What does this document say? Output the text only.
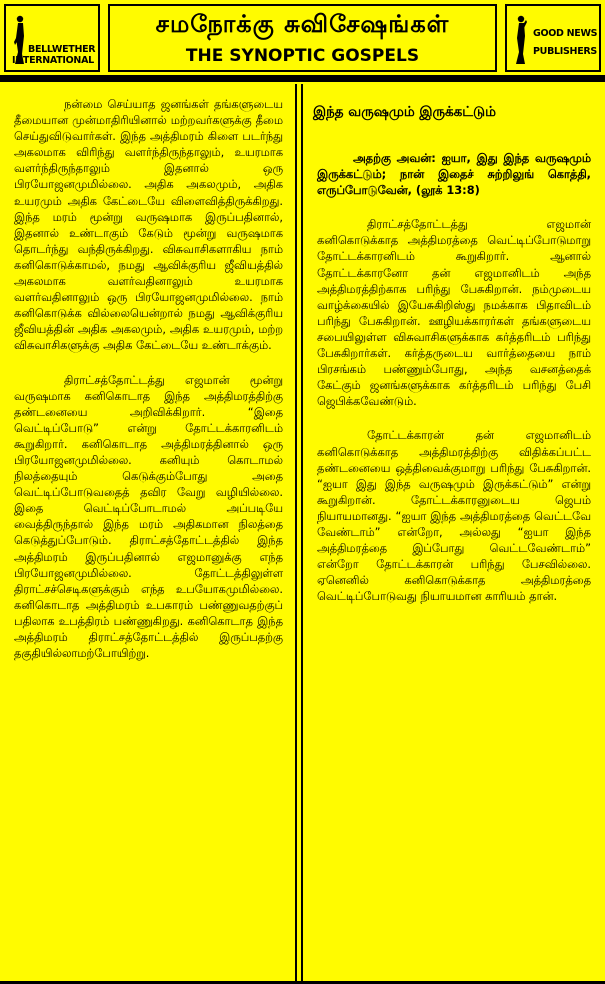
BELLWETHER
INTERNATIONAL
சமநோக்கு சுவிசேஷங்கள்
THE SYNOPTIC GOSPELS
GOOD NEWS
PUBLISHERS

நன்மை செய்யாத ஜனங்கள் தங்களுடைய தீமையான முன்மாதிரியினால் மற்றவர்களுக்கு தீமை செய்துவிடுவார்கள். இந்த அத்திமரம் கிளை படர்ந்து அகலமாக விரிந்து வளர்ந்திருந்தாலும், உயரமாக வளர்ந்திருந்தாலும் இதனால் ஒரு பிரயோஜனமுமில்லை. அதிக அகலமும், அதிக உயரமும் அதிக கேட்டையே விளைவித்திருக்கிறது. இந்த மரம் மூன்று வருஷமாக இருப்பதினால், இதனால் உண்டாகும் கேடும் மூன்று வருஷமாக தொடர்ந்து வந்திருக்கிறது. விசுவாசிகளாகிய நாம் கனிகொடுக்காமல், நமது ஆவிக்குரிய ஜீவியத்தில் அகலமாக வளர்வதினாலும் உயரமாக வளர்வதினாலும் ஒரு பிரயோஜனமுமில்லை. நாம் கனிகொடுக்க வில்லையென்றால் நமது ஆவிக்குரிய ஜீவியத்தின் அதிக அகலமும், அதிக உயரமும், மற்ற விசுவாசிகளுக்கு அதிக கேட்டையே உண்டாக்கும்.

திராட்சத்தோட்டத்து எஜமான் மூன்று வருஷமாக கனிகொடாத இந்த அத்திமரத்திற்கு தண்டனையை அறிவிக்கிறார். “இதை வெட்டிப்போடு” என்று தோட்டக்காரனிடம் கூறுகிறார். கனிகொடாத அத்திமரத்தினால் ஒரு பிரயோஜனமுமில்லை. கனியும் கொடாமல் நிலத்தையும் கெடுக்கும்போது அதை வெட்டிப்போடுவதைத் தவிர வேறு வழியில்லை. இதை வெட்டிப்போடாமல் அப்படியே வைத்திருந்தால் இந்த மரம் அதிகமான நிலத்தை கெடுத்துப்போடும். திராட்சத்தோட்டத்தில் இந்த அத்திமரம் இருப்பதினால் எஜமானுக்கு எந்த பிரயோஜனமுமில்லை. தோட்டத்திலுள்ள திராட்சச்செடிகளுக்கும் எந்த உபயோகமுமில்லை. கனிகொடாத அத்திமரம் உபகாரம் பண்ணுவதற்குப் பதிலாக உபத்திரம் பண்ணுகிறது. கனிகொடாத இந்த அத்திமரம் திராட்சத்தோட்டத்தில் இருப்பதற்கு தகுதியில்லாமற்போயிற்று.

இந்த வருஷமும் இருக்கட்டும்

அதற்கு அவன்: ஐயா, இது இந்த வருஷமும் இருக்கட்டும்; நான் இதைச் சுற்றிலுங் கொத்தி, எருப்போடுவேன், (லூக் 13:8)

திராட்சத்தோட்டத்து எஜமான் கனிகொடுக்காத அத்திமரத்தை வெட்டிப்போடுமாறு தோட்டக்காரனிடம் கூறுகிறார். ஆனால் தோட்டக்காரனோ தன் எஜமானிடம் அந்த அத்திமரத்திற்காக பரிந்து பேசுகிறான். நம்முடைய வாழ்க்கையில் இயேசுகிறிஸ்து நமக்காக பிதாவிடம் பரிந்து பேசுகிறான். ஊழியக்காரர்கள் தங்களுடைய சபையிலுள்ள விசுவாசிகளுக்காக கர்த்தரிடம் பரிந்து பேசுகிறார்கள். கர்த்தருடைய வார்த்தையை நாம் பிரசங்கம் பண்ணும்போது, அந்த வசனத்தைக் கேட்கும் ஜனங்களுக்காக கர்த்தரிடம் பரிந்து பேசி ஜெபிக்கவேண்டும்.

தோட்டக்காரன் தன் எஜமானிடம் கனிகொடுக்காத அத்திமரத்திற்கு விதிக்கப்பட்ட தண்டனையை ஒத்திவைக்குமாறு பரிந்து பேசுகிறான். “ஐயா இது இந்த வருஷமும் இருக்கட்டும்” என்று கூறுகிறான். தோட்டக்காரனுடைய ஜெபம் நியாயமானது. “ஐயா இந்த அத்திமரத்தை வெட்டவே வேண்டாம்” என்றோ, அல்லது “ஐயா இந்த அத்திமரத்தை இப்போது வெட்டவேண்டாம்” என்றோ தோட்டக்காரன் பரிந்து பேசவில்லை. ஏனெனில் கனிகொடுக்காத அத்திமரத்தை வெட்டிப்போடுவது நியாயமான காரியம் தான்.
